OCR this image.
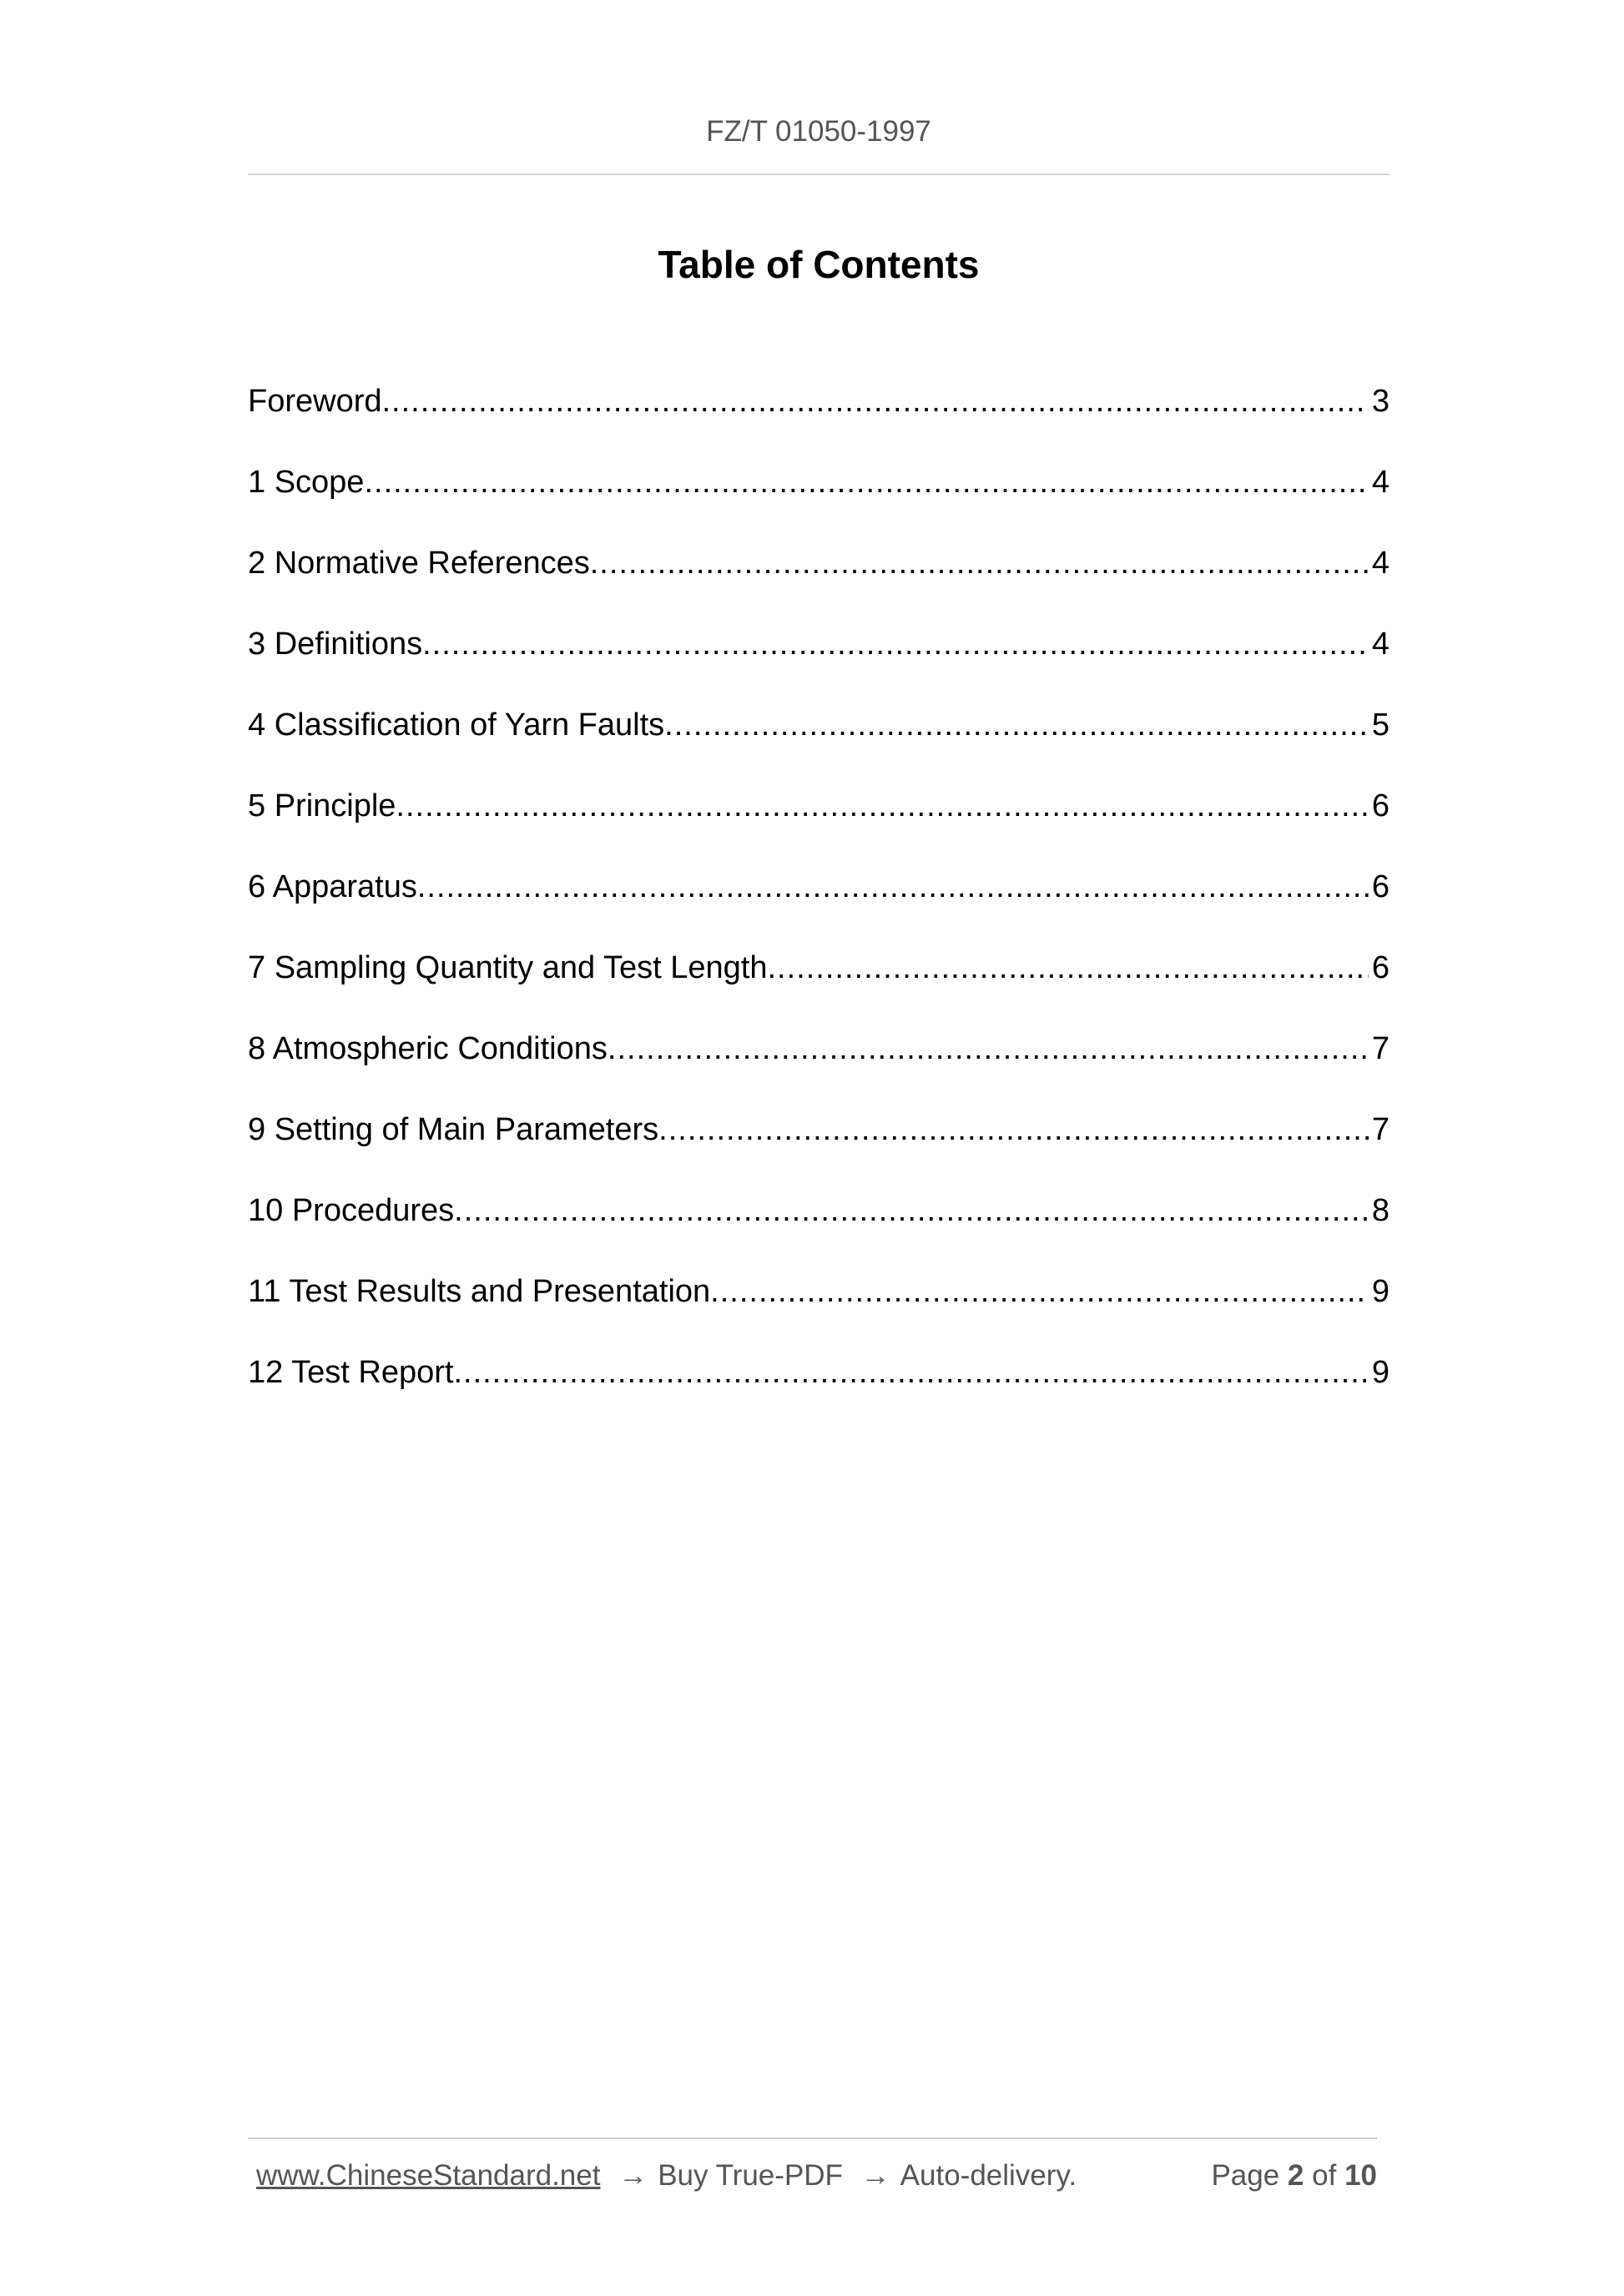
FZ/T 01050-1997
Table of Contents
Foreword .....	3
1 Scope .....	4
2 Normative References .....	4
3 Definitions .....	4
4 Classification of Yarn Faults .....	5
5 Principle .....	6
6 Apparatus .....	6
7 Sampling Quantity and Test Length .....	6
8 Atmospheric Conditions .....	7
9 Setting of Main Parameters .....	7
10 Procedures .....	8
11 Test Results and Presentation .....	9
12 Test Report .....	9
www.ChineseStandard.net → Buy True-PDF → Auto-delivery.	Page 2 of 10
